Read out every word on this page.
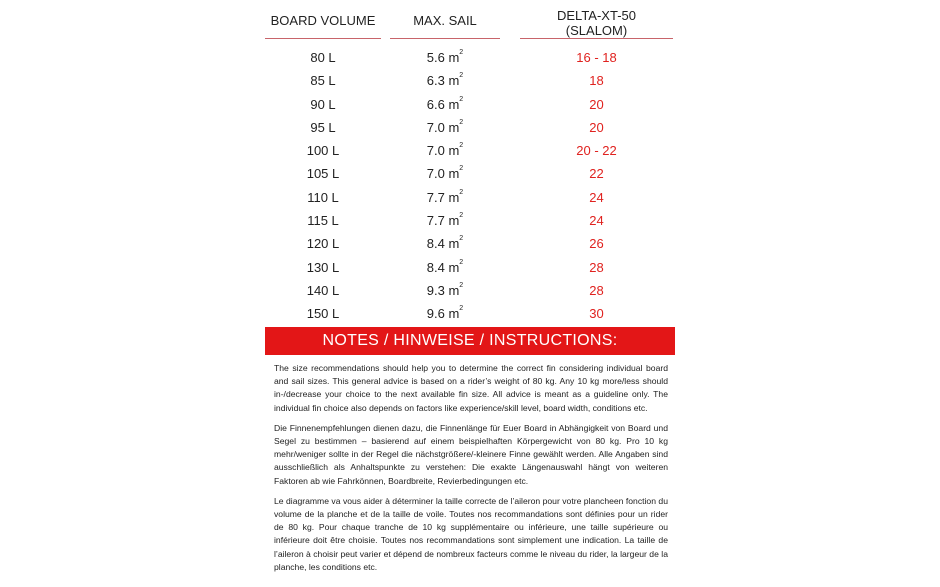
BOARD VOLUME	MAX. SAIL	DELTA-XT-50
(SLALOM)
80 L	5.6 $m^2$	16 - 18
85 L	6.3 $m^2$	18
90 L	6.6 $m^2$	20
95 L	7.0 $m^2$	20
100 L	7.0 $m^2$	20 - 22
105 L	7.0 $m^2$	22
110 L	7.7 $m^2$	24
115 L	7.7 $m^2$	24
120 L	8.4 $m^2$	26
130 L	8.4 $m^2$	28
140 L	9.3 $m^2$	28
150 L	9.6 $m^2$	30
NOTES / HINWEISE / INSTRUCTIONS:

The size recommendations should help you to determine the correct fin considering individual board and sail sizes. This general advice is based on a rider’s weight of 80 kg. Any 10 kg more/less should in-/decrease your choice to the next available fin size. All advice is meant as a guideline only. The individual fin choice also depends on factors like experience/skill level, board width, conditions etc.

Die Finnenempfehlungen dienen dazu, die Finnenlänge für Euer Board in Abhängigkeit von Board und Segel zu bestimmen – basierend auf einem beispielhaften Körpergewicht von 80 kg. Pro 10 kg mehr/weniger sollte in der Regel die nächstgrößere/-kleinere Finne gewählt werden. Alle Angaben sind ausschließlich als Anhaltspunkte zu verstehen: Die exakte Längenauswahl hängt von weiteren Faktoren ab wie Fahrkönnen, Boardbreite, Revierbedingungen etc.

Le diagramme va vous aider à déterminer la taille correcte de l’aileron pour votre plancheen fonction du volume de la planche et de la taille de voile. Toutes nos recommandations sont définies pour un rider de 80 kg. Pour chaque tranche de 10 kg supplémentaire ou inférieure, une taille supérieure ou inférieure doit être choisie. Toutes nos recommandations sont simplement une indication. La taille de l’aileron à choisir peut varier et dépend de nombreux facteurs comme le niveau du rider, la largeur de la planche, les conditions etc.
